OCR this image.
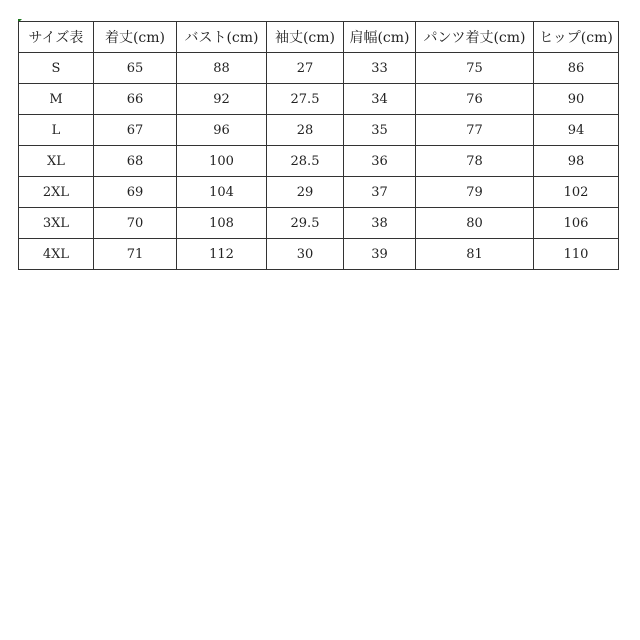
サイズ表	着丈(cm)	バスト(cm)	袖丈(cm)	肩幅(cm)	パンツ着丈(cm)	ヒップ(cm)
S	65	88	27	33	75	86
M	66	92	27.5	34	76	90
L	67	96	28	35	77	94
XL	68	100	28.5	36	78	98
2XL	69	104	29	37	79	102
3XL	70	108	29.5	38	80	106
4XL	71	112	30	39	81	110
